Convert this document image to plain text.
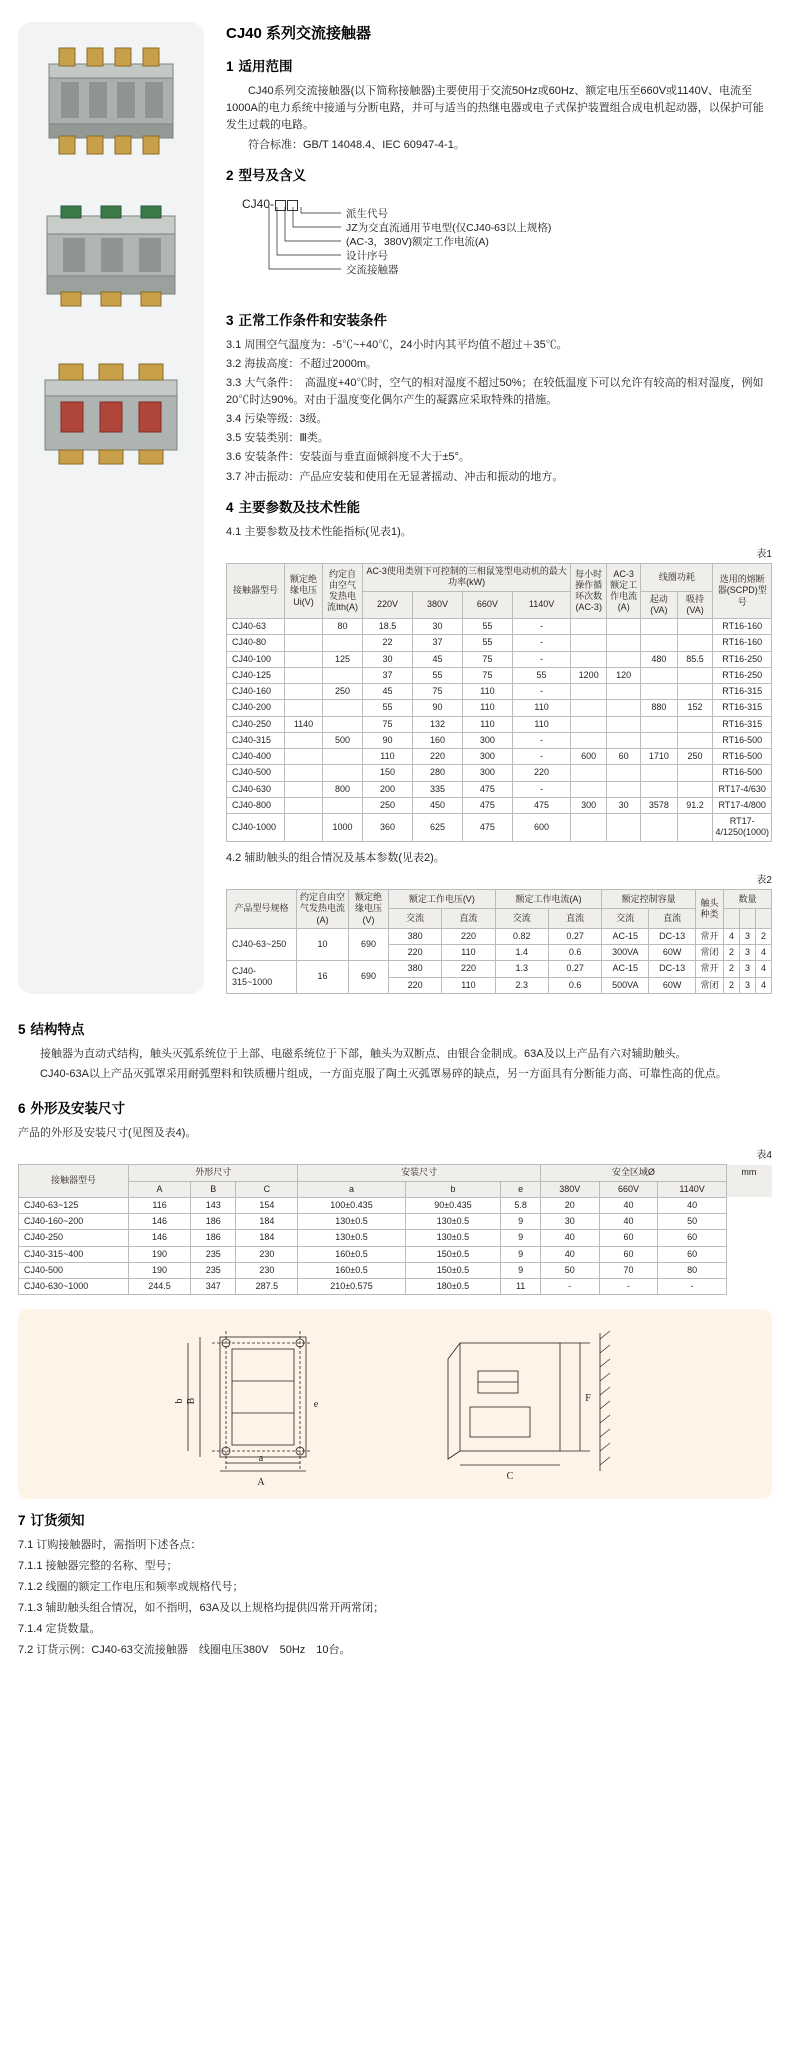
CJ40 系列交流接触器
1 适用范围

CJ40系列交流接触器(以下简称接触器)主要使用于交流50Hz或60Hz、额定电压至660V或1140V、电流至1000A的电力系统中接通与分断电路，并可与适当的热继电器或电子式保护装置组合成电机起动器，以保护可能发生过载的电路。

符合标准：GB/T 14048.4、IEC 60947-4-1。

2 型号及含义
CJ40-
派生代号
JZ为交直流通用节电型(仅CJ40-63以上规格)
(AC-3，380V)额定工作电流(A)
设计序号
交流接触器
3 正常工作条件和安装条件

3.1 周围空气温度为：-5℃~+40℃，24小时内其平均值不超过＋35℃。

3.2 海拔高度：不超过2000m。

3.3 大气条件：　高温度+40℃时，空气的相对湿度不超过50%；在较低温度下可以允许有较高的相对湿度，例如20℃时达90%。对由于温度变化偶尔产生的凝露应采取特殊的措施。

3.4 污染等级：3级。

3.5 安装类别：Ⅲ类。

3.6 安装条件：安装面与垂直面倾斜度不大于±5°。

3.7 冲击振动：产品应安装和使用在无显著摇动、冲击和振动的地方。

4 主要参数及技术性能

4.1 主要参数及技术性能指标(见表1)。

表1
接触器型号	额定绝缘电压Ui(V)	约定自由空气发热电流Ith(A)	AC-3使用类别下可控制的三相鼠笼型电动机的最大功率(kW)				每小时操作循环次数(AC-3)	AC-3额定工作电流(A)	线圈功耗		选用的熔断器(SCPD)型号
			220V	380V	660V	1140V			起动(VA)	吸持(VA)	
CJ40-63		80	18.5	30	55	-					RT16-160
CJ40-80			22	37	55	-					RT16-160
CJ40-100		125	30	45	75	-			480	85.5	RT16-250
CJ40-125			37	55	75	55	1200	120			RT16-250
CJ40-160		250	45	75	110	-					RT16-315
CJ40-200			55	90	110	110			880	152	RT16-315
CJ40-250	1140		75	132	110	110					RT16-315
CJ40-315		500	90	160	300	-					RT16-500
CJ40-400			110	220	300	-	600	60	1710	250	RT16-500
CJ40-500			150	280	300	220					RT16-500
CJ40-630		800	200	335	475	-					RT17-4/630
CJ40-800			250	450	475	475	300	30	3578	91.2	RT17-4/800
CJ40-1000		1000	360	625	475	600					RT17-4/1250(1000)

4.2 辅助触头的组合情况及基本参数(见表2)。

表2
产品型号规格	约定自由空气发热电流(A)	额定绝缘电压(V)	额定工作电压(V)		额定工作电流(A)		额定控制容量		触头种类	数量		
			交流	直流	交流	直流	交流	直流				
CJ40-63~250	10	690	380	220	0.82	0.27	AC-15	DC-13	常开	4	3	2
			220	110	1.4	0.6	300VA	60W	常闭	2	3	4
CJ40-315~1000	16	690	380	220	1.3	0.27	AC-15	DC-13	常开	2	3	4
			220	110	2.3	0.6	500VA	60W	常闭	2	3	4
5 结构特点

接触器为直动式结构，触头灭弧系统位于上部、电磁系统位于下部，触头为双断点、由银合金制成。63A及以上产品有六对辅助触头。

CJ40-63A以上产品灭弧罩采用耐弧塑料和铁质栅片组成，一方面克服了陶土灭弧罩易碎的缺点，另一方面具有分断能力高、可靠性高的优点。

6 外形及安装尺寸

产品的外形及安装尺寸(见图及表4)。

表4
接触器型号	外形尺寸			安装尺寸			安全区域Ø			mm
	A	B	C	a	b	e	380V	660V	1140V	
CJ40-63~125	116	143	154	100±0.435	90±0.435	5.8	20	40	40	
CJ40-160~200	146	186	184	130±0.5	130±0.5	9	30	40	50	
CJ40-250	146	186	184	130±0.5	130±0.5	9	40	60	60	
CJ40-315~400	190	235	230	160±0.5	150±0.5	9	40	60	60	
CJ40-500	190	235	230	160±0.5	150±0.5	9	50	70	80	
CJ40-630~1000	244.5	347	287.5	210±0.575	180±0.5	11	-	-	-	
B
b
A
a
e
C
F
7 订货须知

7.1 订购接触器时，需指明下述各点：

7.1.1 接触器完整的名称、型号；

7.1.2 线圈的额定工作电压和频率或规格代号；

7.1.3 辅助触头组合情况，如不指明，63A及以上规格均提供四常开两常闭；

7.1.4 定货数量。

7.2 订货示例：CJ40-63交流接触器　线圈电压380V　50Hz　10台。
